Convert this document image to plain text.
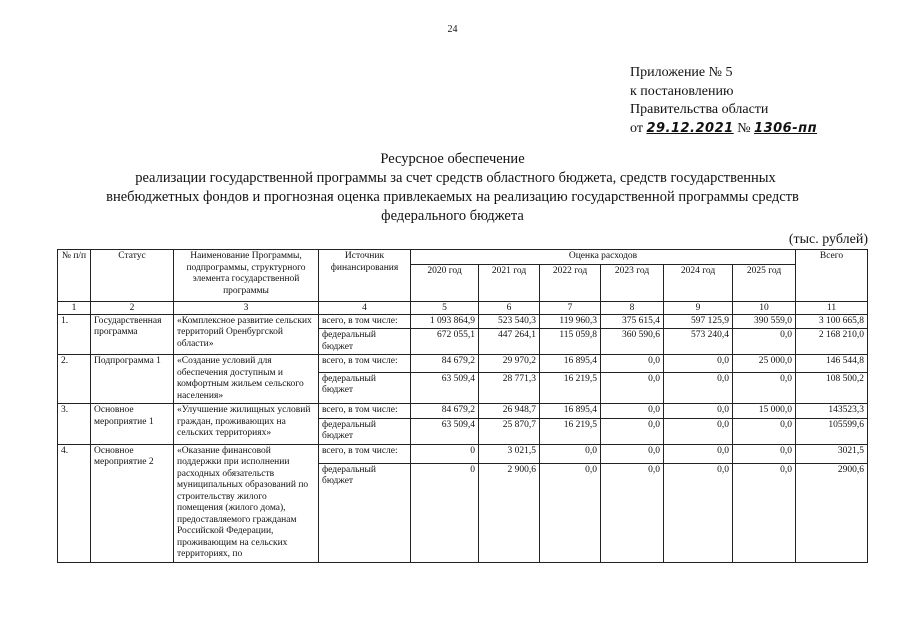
24
Приложение № 5
к постановлению
Правительства области
от 29.12.2021 № 1306-пп
Ресурсное обеспечение
реализации государственной программы за счет средств областного бюджета, средств государственных
внебюджетных фондов и прогнозная оценка привлекаемых на реализацию государственной программы средств
федерального бюджета
(тыс. рублей)
№ п/п	Статус	Наименование Программы, подпрограммы, структурного элемента государственной программы	Источник финансирования	Оценка расходов						Всего
				2020 год	2021 год	2022 год	2023 год	2024 год	2025 год	
1	2	3	4	5	6	7	8	9	10	11
1.	Государственная программа	«Комплексное развитие сельских территорий Оренбургской области»	всего, в том числе:	1 093 864,9	523 540,3	119 960,3	375 615,4	597 125,9	390 559,0	3 100 665,8
			федеральный бюджет	672 055,1	447 264,1	115 059,8	360 590,6	573 240,4	0,0	2 168 210,0
2.	Подпрограмма 1	«Создание условий для обеспечения доступным и комфортным жильем сельского населения»	всего, в том числе:	84 679,2	29 970,2	16 895,4	0,0	0,0	25 000,0	146 544,8
			федеральный бюджет	63 509,4	28 771,3	16 219,5	0,0	0,0	0,0	108 500,2
3.	Основное мероприятие 1	«Улучшение жилищных условий граждан, проживающих на сельских территориях»	всего, в том числе:	84 679,2	26 948,7	16 895,4	0,0	0,0	15 000,0	143523,3
			федеральный бюджет	63 509,4	25 870,7	16 219,5	0,0	0,0	0,0	105599,6
4.	Основное мероприятие 2	«Оказание финансовой поддержки при исполнении расходных обязательств муниципальных образований по строительству жилого помещения (жилого дома), предоставляемого гражданам Российской Федерации, проживающим на сельских территориях, по	всего, в том числе:	0	3 021,5	0,0	0,0	0,0	0,0	3021,5
			федеральный бюджет	0	2 900,6	0,0	0,0	0,0	0,0	2900,6
